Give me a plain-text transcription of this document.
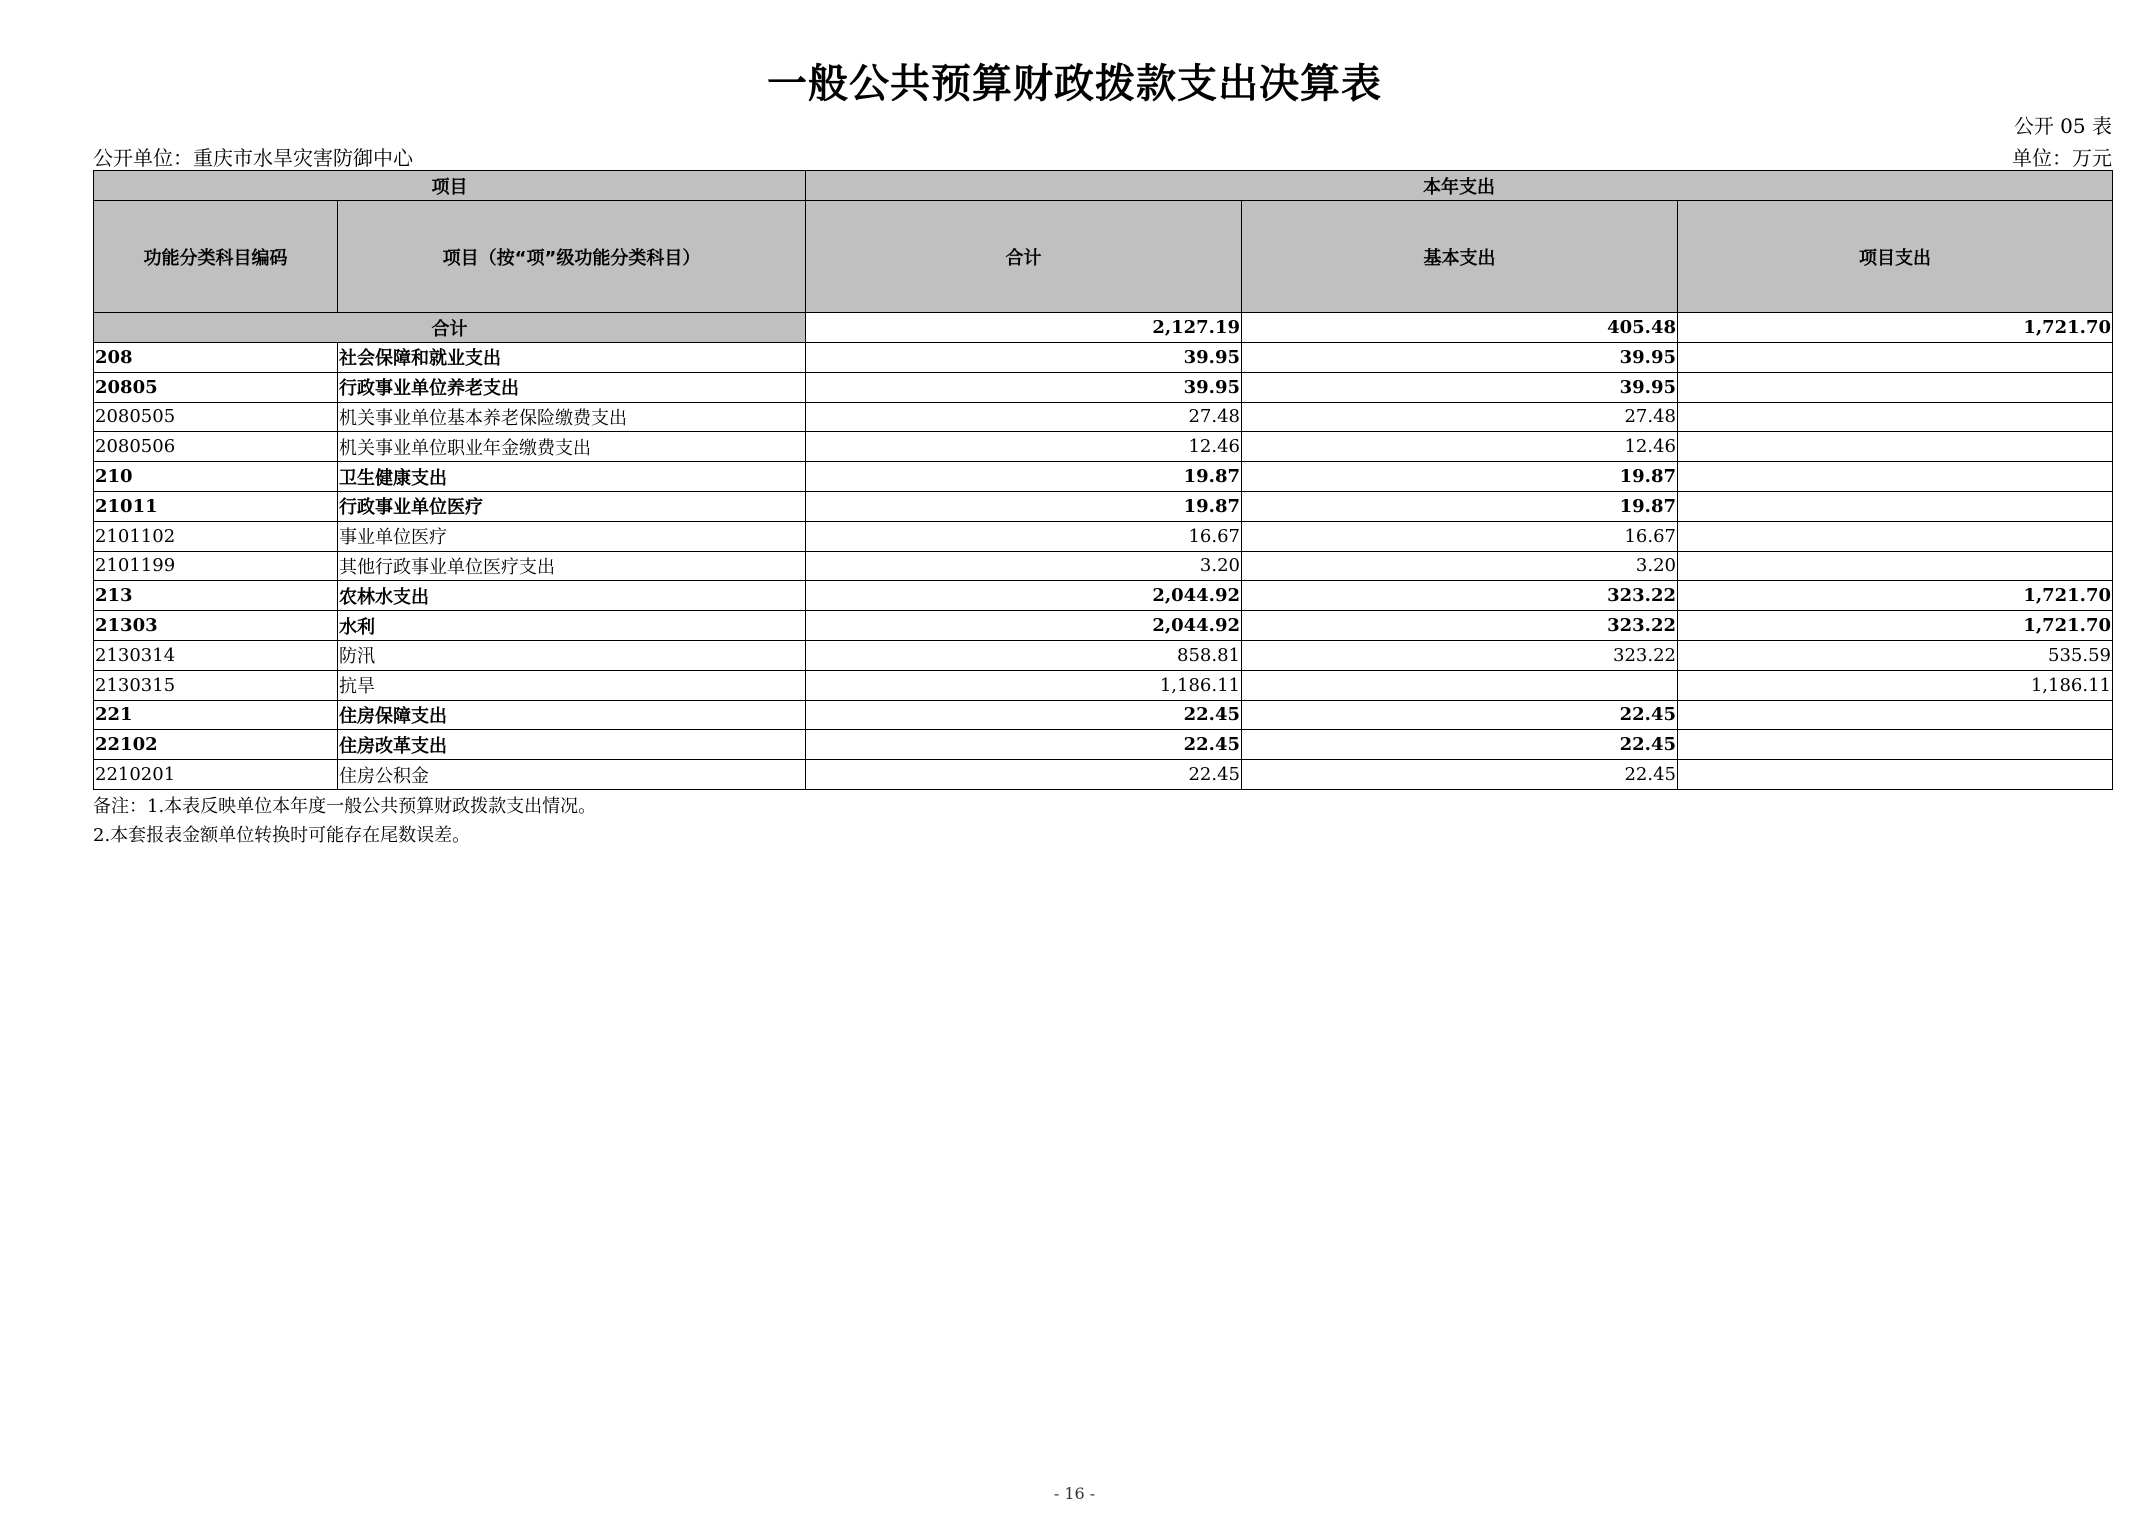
一般公共预算财政拨款支出决算表
公开 05 表
公开单位：重庆市水旱灾害防御中心	单位：万元
项目		本年支出		
功能分类科目编码	项目（按“项”级功能分类科目）	合计	基本支出	项目支出
合计		2,127.19	405.48	1,721.70
208	社会保障和就业支出	39.95	39.95	
20805	行政事业单位养老支出	39.95	39.95	
2080505	机关事业单位基本养老保险缴费支出	27.48	27.48	
2080506	机关事业单位职业年金缴费支出	12.46	12.46	
210	卫生健康支出	19.87	19.87	
21011	行政事业单位医疗	19.87	19.87	
2101102	事业单位医疗	16.67	16.67	
2101199	其他行政事业单位医疗支出	3.20	3.20	
213	农林水支出	2,044.92	323.22	1,721.70
21303	水利	2,044.92	323.22	1,721.70
2130314	防汛	858.81	323.22	535.59
2130315	抗旱	1,186.11		1,186.11
221	住房保障支出	22.45	22.45	
22102	住房改革支出	22.45	22.45	
2210201	住房公积金	22.45	22.45	
备注：1.本表反映单位本年度一般公共预算财政拨款支出情况。
2.本套报表金额单位转换时可能存在尾数误差。
- 16 -
